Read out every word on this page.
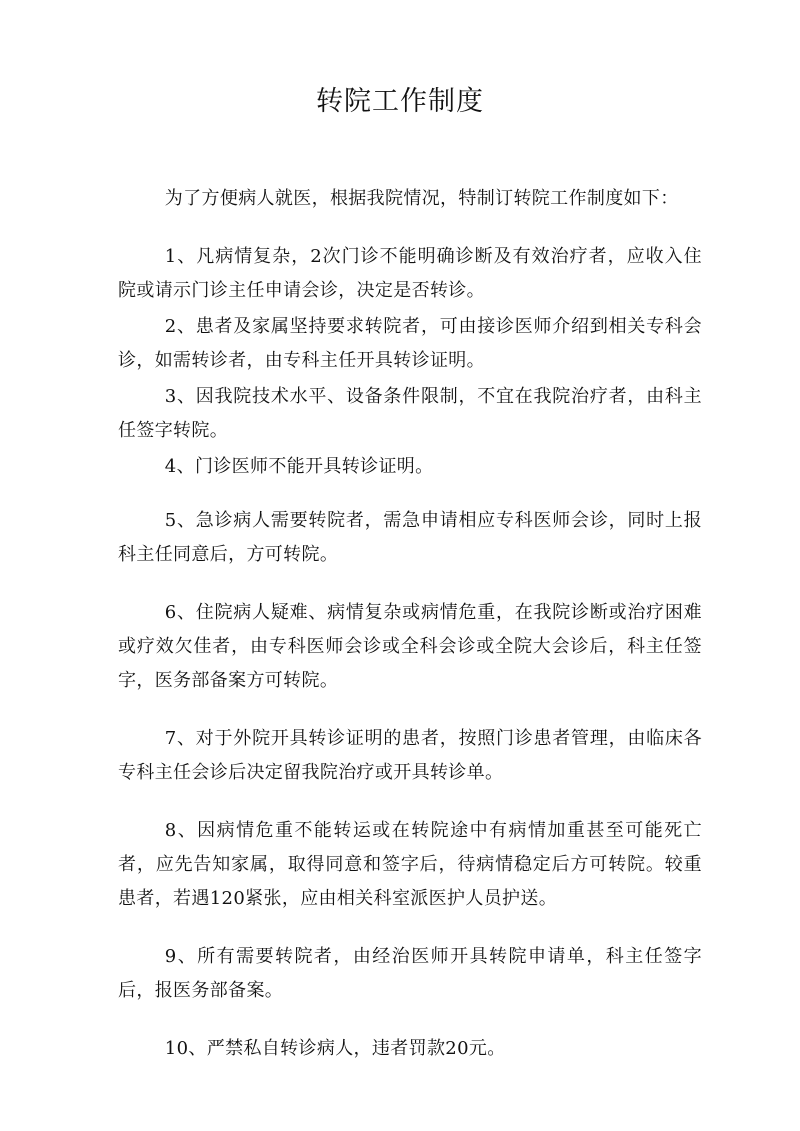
转院工作制度

为了方便病人就医，根据我院情况，特制订转院工作制度如下：

1、凡病情复杂，2次门诊不能明确诊断及有效治疗者，应收入住院或请示门诊主任申请会诊，决定是否转诊。

2、患者及家属坚持要求转院者，可由接诊医师介绍到相关专科会诊，如需转诊者，由专科主任开具转诊证明。

3、因我院技术水平、设备条件限制，不宜在我院治疗者，由科主任签字转院。

4、门诊医师不能开具转诊证明。

5、急诊病人需要转院者，需急申请相应专科医师会诊，同时上报科主任同意后，方可转院。

6、住院病人疑难、病情复杂或病情危重，在我院诊断或治疗困难或疗效欠佳者，由专科医师会诊或全科会诊或全院大会诊后，科主任签字，医务部备案方可转院。

7、对于外院开具转诊证明的患者，按照门诊患者管理，由临床各专科主任会诊后决定留我院治疗或开具转诊单。

8、因病情危重不能转运或在转院途中有病情加重甚至可能死亡者，应先告知家属，取得同意和签字后，待病情稳定后方可转院。较重患者，若遇120紧张，应由相关科室派医护人员护送。

9、所有需要转院者，由经治医师开具转院申请单，科主任签字后，报医务部备案。

10、严禁私自转诊病人，违者罚款20元。
